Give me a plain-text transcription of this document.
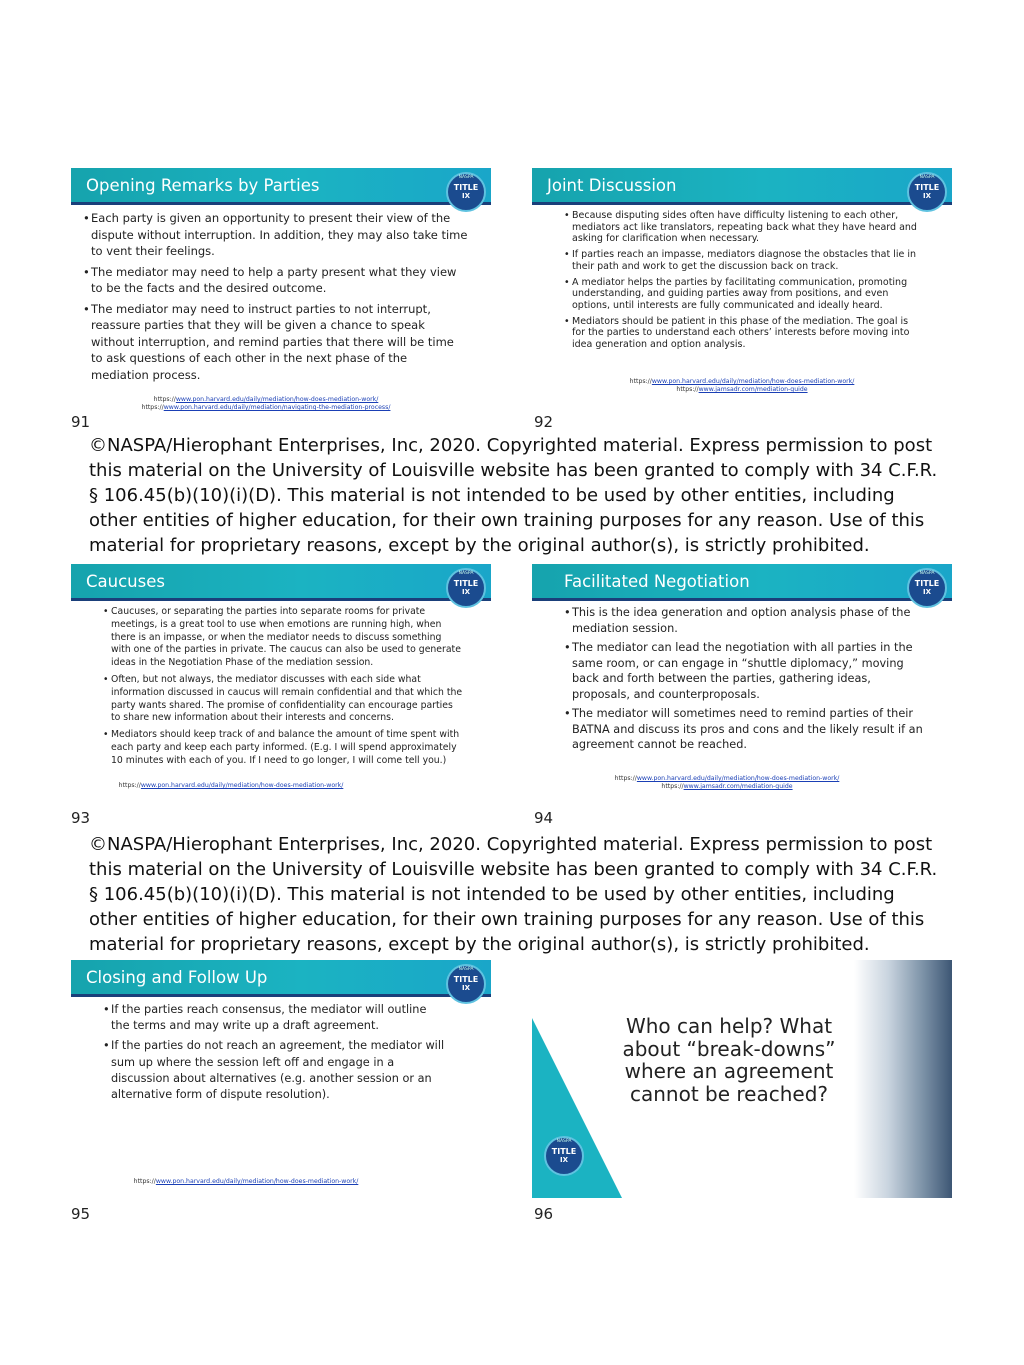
Opening Remarks by Parties	NASPA
TITLE
IX
• Each party is given an opportunity to present their view of the dispute without interruption. In addition, they may also take time to vent their feelings.
• The mediator may need to help a party present what they view to be the facts and the desired outcome.
• The mediator may need to instruct parties to not interrupt, reassure parties that they will be given a chance to speak without interruption, and remind parties that there will be time to ask questions of each other in the next phase of the mediation process.
https://www.pon.harvard.edu/daily/mediation/how-does-mediation-work/
https://www.pon.harvard.edu/daily/mediation/navigating-the-mediation-process/
91
Joint Discussion	NASPA
TITLE
IX
• Because disputing sides often have difficulty listening to each other, mediators act like translators, repeating back what they have heard and asking for clarification when necessary.
• If parties reach an impasse, mediators diagnose the obstacles that lie in their path and work to get the discussion back on track.
• A mediator helps the parties by facilitating communication, promoting understanding, and guiding parties away from positions, and even options, until interests are fully communicated and ideally heard.
• Mediators should be patient in this phase of the mediation. The goal is for the parties to understand each others’ interests before moving into idea generation and option analysis.
https://www.pon.harvard.edu/daily/mediation/how-does-mediation-work/
https://www.jamsadr.com/mediation-guide
92
©NASPA/Hierophant Enterprises, Inc, 2020. Copyrighted material. Express permission to post this material on the University of Louisville website has been granted to comply with 34 C.F.R. § 106.45(b)(10)(i)(D). This material is not intended to be used by other entities, including other entities of higher education, for their own training purposes for any reason. Use of this material for proprietary reasons, except by the original author(s), is strictly prohibited.
Caucuses	NASPA
TITLE
IX
• Caucuses, or separating the parties into separate rooms for private meetings, is a great tool to use when emotions are running high, when there is an impasse, or when the mediator needs to discuss something with one of the parties in private. The caucus can also be used to generate ideas in the Negotiation Phase of the mediation session.
• Often, but not always, the mediator discusses with each side what information discussed in caucus will remain confidential and that which the party wants shared. The promise of confidentiality can encourage parties to share new information about their interests and concerns.
• Mediators should keep track of and balance the amount of time spent with each party and keep each party informed. (E.g. I will spend approximately 10 minutes with each of you. If I need to go longer, I will come tell you.)
https://www.pon.harvard.edu/daily/mediation/how-does-mediation-work/
93
Facilitated Negotiation	NASPA
TITLE
IX
• This is the idea generation and option analysis phase of the mediation session.
• The mediator can lead the negotiation with all parties in the same room, or can engage in “shuttle diplomacy,” moving back and forth between the parties, gathering ideas, proposals, and counterproposals.
• The mediator will sometimes need to remind parties of their BATNA and discuss its pros and cons and the likely result if an agreement cannot be reached.
https://www.pon.harvard.edu/daily/mediation/how-does-mediation-work/
https://www.jamsadr.com/mediation-guide
94
©NASPA/Hierophant Enterprises, Inc, 2020. Copyrighted material. Express permission to post this material on the University of Louisville website has been granted to comply with 34 C.F.R. § 106.45(b)(10)(i)(D). This material is not intended to be used by other entities, including other entities of higher education, for their own training purposes for any reason. Use of this material for proprietary reasons, except by the original author(s), is strictly prohibited.
Closing and Follow Up	NASPA
TITLE
IX
• If the parties reach consensus, the mediator will outline the terms and may write up a draft agreement.
• If the parties do not reach an agreement, the mediator will sum up where the session left off and engage in a discussion about alternatives (e.g. another session or an alternative form of dispute resolution).
https://www.pon.harvard.edu/daily/mediation/how-does-mediation-work/
95
NASPA
TITLE
IX
Who can help? What about “break-downs” where an agreement cannot be reached?
96
